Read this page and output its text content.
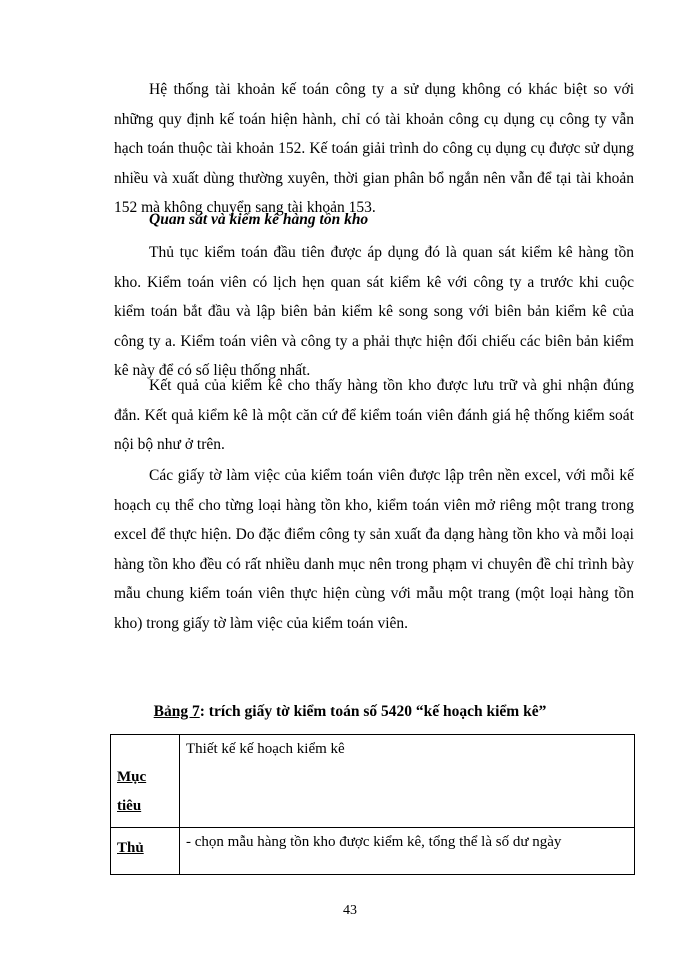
Hệ thống tài khoản kế toán công ty a sử dụng không có khác biệt so với những quy định kế toán hiện hành, chỉ có tài khoản công cụ dụng cụ công ty vẫn hạch toán thuộc tài khoản 152. Kế toán giải trình do công cụ dụng cụ được sử dụng nhiều và xuất dùng thường xuyên, thời gian phân bổ ngắn nên vẫn để tại tài khoản 152 mà không chuyển sang tài khoản 153.

Quan sát và kiểm kê hàng tồn kho

Thủ tục kiểm toán đầu tiên được áp dụng đó là quan sát kiểm kê hàng tồn kho. Kiểm toán viên có lịch hẹn quan sát kiểm kê với công ty a trước khi cuộc kiểm toán bắt đầu và lập biên bản kiểm kê song song với biên bản kiểm kê của công ty a. Kiểm toán viên và công ty a phải thực hiện đối chiếu các biên bản kiểm kê này để có số liệu thống nhất.

Kết quả của kiểm kê cho thấy hàng tồn kho được lưu trữ và ghi nhận đúng đắn. Kết quả kiểm kê là một căn cứ để kiểm toán viên đánh giá hệ thống kiểm soát nội bộ như ở trên.

Các giấy tờ làm việc của kiểm toán viên được lập trên nền excel, với mỗi kế hoạch cụ thể cho từng loại hàng tồn kho, kiểm toán viên mở riêng một trang trong excel để thực hiện. Do đặc điểm công ty sản xuất đa dạng hàng tồn kho và mỗi loại hàng tồn kho đều có rất nhiều danh mục nên trong phạm vi chuyên đề chỉ trình bày mẫu chung kiểm toán viên thực hiện cùng với mẫu một trang (một loại hàng tồn kho) trong giấy tờ làm việc của kiểm toán viên.

Bảng 7: trích giấy tờ kiểm toán số 5420 “kế hoạch kiểm kê”

Mục tiêu	Thiết kế kế hoạch kiểm kê
Thủ	- chọn mẫu hàng tồn kho được kiểm kê, tổng thể là số dư ngày

43
